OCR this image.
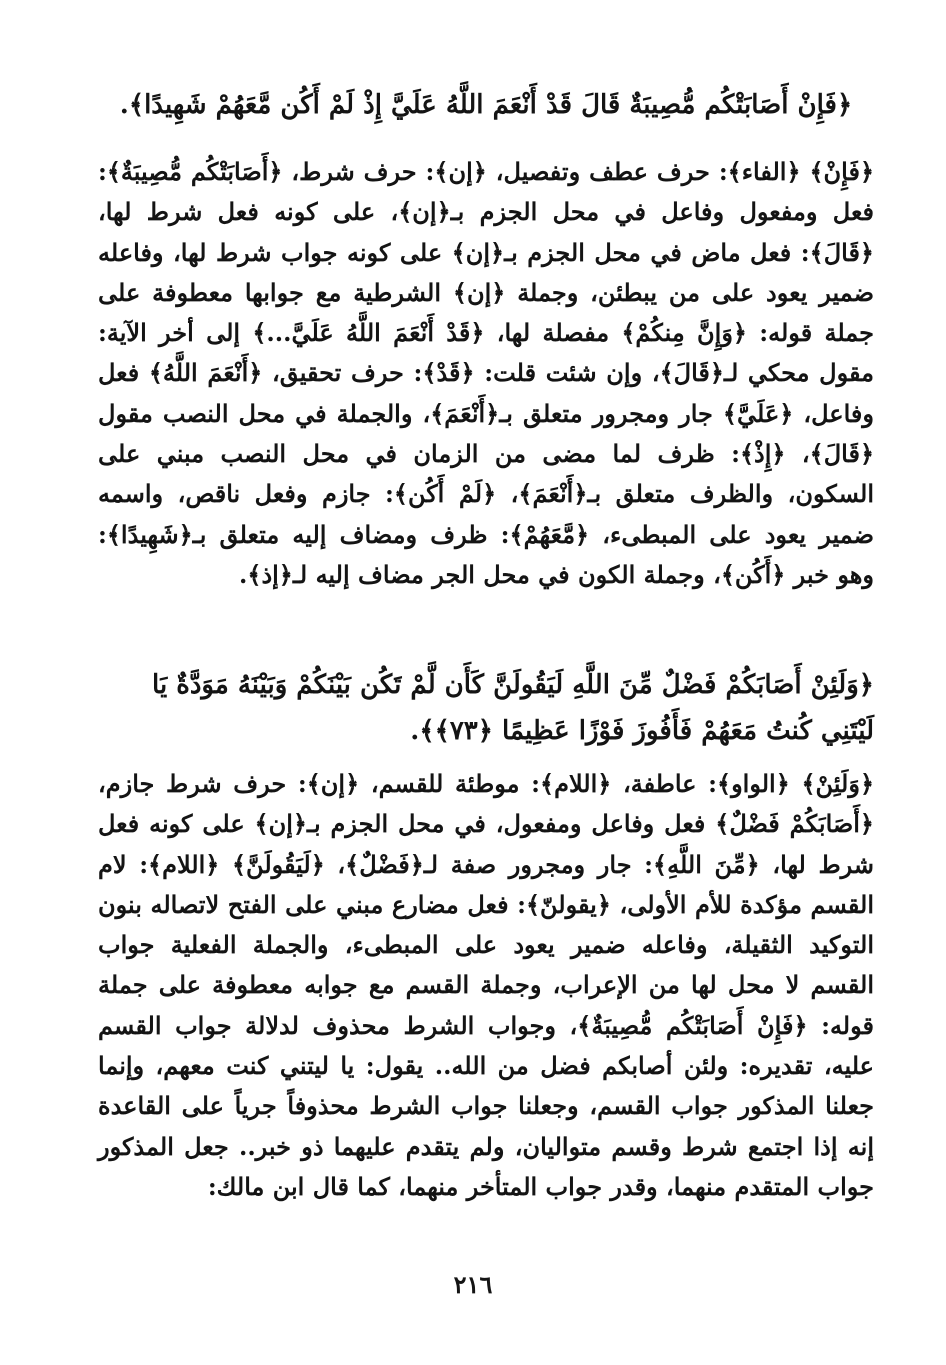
﴿فَإِنْ أَصَابَتْكُم مُّصِيبَةٌ قَالَ قَدْ أَنْعَمَ اللَّهُ عَلَيَّ إِذْ لَمْ أَكُن مَّعَهُمْ شَهِيدًا﴾.
﴿فَإِنْ﴾ ﴿الفاء﴾: حرف عطف وتفصيل، ﴿إن﴾: حرف شرط، ﴿أَصَابَتْكُم مُّصِيبَةٌ﴾: فعل ومفعول وفاعل في محل الجزم بـ﴿إن﴾، على كونه فعل شرط لها، ﴿قَالَ﴾: فعل ماض في محل الجزم بـ﴿إن﴾ على كونه جواب شرط لها، وفاعله ضمير يعود على من يبطئن، وجملة ﴿إن﴾ الشرطية مع جوابها معطوفة على جملة قوله: ﴿وَإِنَّ مِنكُمْ﴾ مفصلة لها، ﴿قَدْ أَنْعَمَ اللَّهُ عَلَيَّ...﴾ إلى أخر الآية: مقول محكي لـ﴿قَالَ﴾، وإن شئت قلت: ﴿قَدْ﴾: حرف تحقيق، ﴿أَنْعَمَ اللَّهُ﴾ فعل وفاعل، ﴿عَلَيَّ﴾ جار ومجرور متعلق بـ﴿أَنْعَمَ﴾، والجملة في محل النصب مقول ﴿قَالَ﴾، ﴿إِذْ﴾: ظرف لما مضى من الزمان في محل النصب مبني على السكون، والظرف متعلق بـ﴿أَنْعَمَ﴾، ﴿لَمْ أَكُن﴾: جازم وفعل ناقص، واسمه ضمير يعود على المبطىء، ﴿مَّعَهُمْ﴾: ظرف ومضاف إليه متعلق بـ﴿شَهِيدًا﴾: وهو خبر ﴿أَكُن﴾، وجملة الكون في محل الجر مضاف إليه لـ﴿إذ﴾.
﴿وَلَئِنْ أَصَابَكُمْ فَضْلٌ مِّنَ اللَّهِ لَيَقُولَنَّ كَأَن لَّمْ تَكُن بَيْنَكُمْ وَبَيْنَهُ مَوَدَّةٌ يَا لَيْتَنِي كُنتُ مَعَهُمْ فَأَفُوزَ فَوْزًا عَظِيمًا ﴿٧٣﴾﴾.
﴿وَلَئِنْ﴾ ﴿الواو﴾: عاطفة، ﴿اللام﴾: موطئة للقسم، ﴿إن﴾: حرف شرط جازم، ﴿أَصَابَكُمْ فَضْلٌ﴾ فعل وفاعل ومفعول، في محل الجزم بـ﴿إن﴾ على كونه فعل شرط لها، ﴿مِّنَ اللَّهِ﴾: جار ومجرور صفة لـ﴿فَضْلٌ﴾، ﴿لَيَقُولَنَّ﴾ ﴿اللام﴾: لام القسم مؤكدة للأم الأولى، ﴿يقولنّ﴾: فعل مضارع مبني على الفتح لاتصاله بنون التوكيد الثقيلة، وفاعله ضمير يعود على المبطىء، والجملة الفعلية جواب القسم لا محل لها من الإعراب، وجملة القسم مع جوابه معطوفة على جملة قوله: ﴿فَإِنْ أَصَابَتْكُم مُّصِيبَةٌ﴾، وجواب الشرط محذوف لدلالة جواب القسم عليه، تقديره: ولئن أصابكم فضل من الله.. يقول: يا ليتني كنت معهم، وإنما جعلنا المذكور جواب القسم، وجعلنا جواب الشرط محذوفاً جرياً على القاعدة إنه إذا اجتمع شرط وقسم متواليان، ولم يتقدم عليهما ذو خبر.. جعل المذكور جواب المتقدم منهما، وقدر جواب المتأخر منهما، كما قال ابن مالك:
٢١٦
